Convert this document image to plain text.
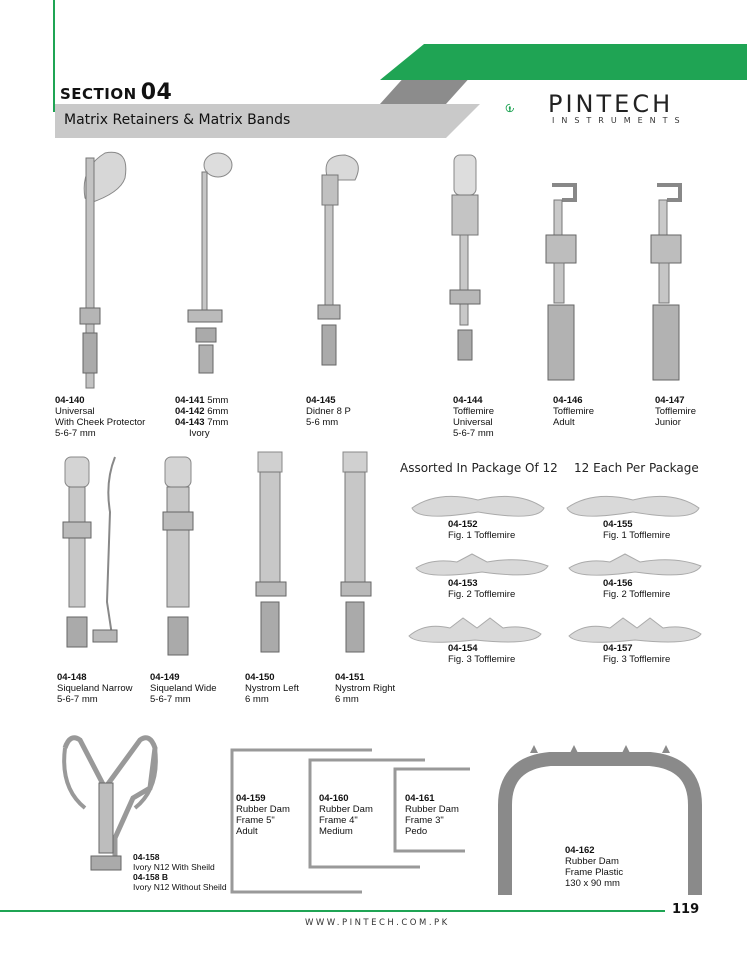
SECTION 04
Matrix Retainers & Matrix Bands
PINTECH
INSTRUMENTS
04-140
Universal
With Cheek Protector
5-6-7 mm
04-141 5mm
04-142 6mm
04-143 7mm
Ivory
04-145
Didner 8 P
5-6 mm
04-144
Tofflemire
Universal
5-6-7 mm
04-146
Tofflemire
Adult
04-147
Tofflemire
Junior
04-148
Siqueland Narrow
5-6-7 mm
04-149
Siqueland Wide
5-6-7 mm
04-150
Nystrom Left
6 mm
04-151
Nystrom Right
6 mm
Assorted In Package Of 12 12 Each Per Package
04-152
Fig. 1 Tofflemire
04-153
Fig. 2 Tofflemire
04-154
Fig. 3 Tofflemire
04-155
Fig. 1 Tofflemire
04-156
Fig. 2 Tofflemire
04-157
Fig. 3 Tofflemire
04-158
Ivory N12 With Sheild
04-158 B
Ivory N12 Without Sheild
04-159
Rubber Dam
Frame 5"
Adult
04-160
Rubber Dam
Frame 4"
Medium
04-161
Rubber Dam
Frame 3"
Pedo
04-162
Rubber Dam
Frame Plastic
130 x 90 mm
119
WWW.PINTECH.COM.PK
